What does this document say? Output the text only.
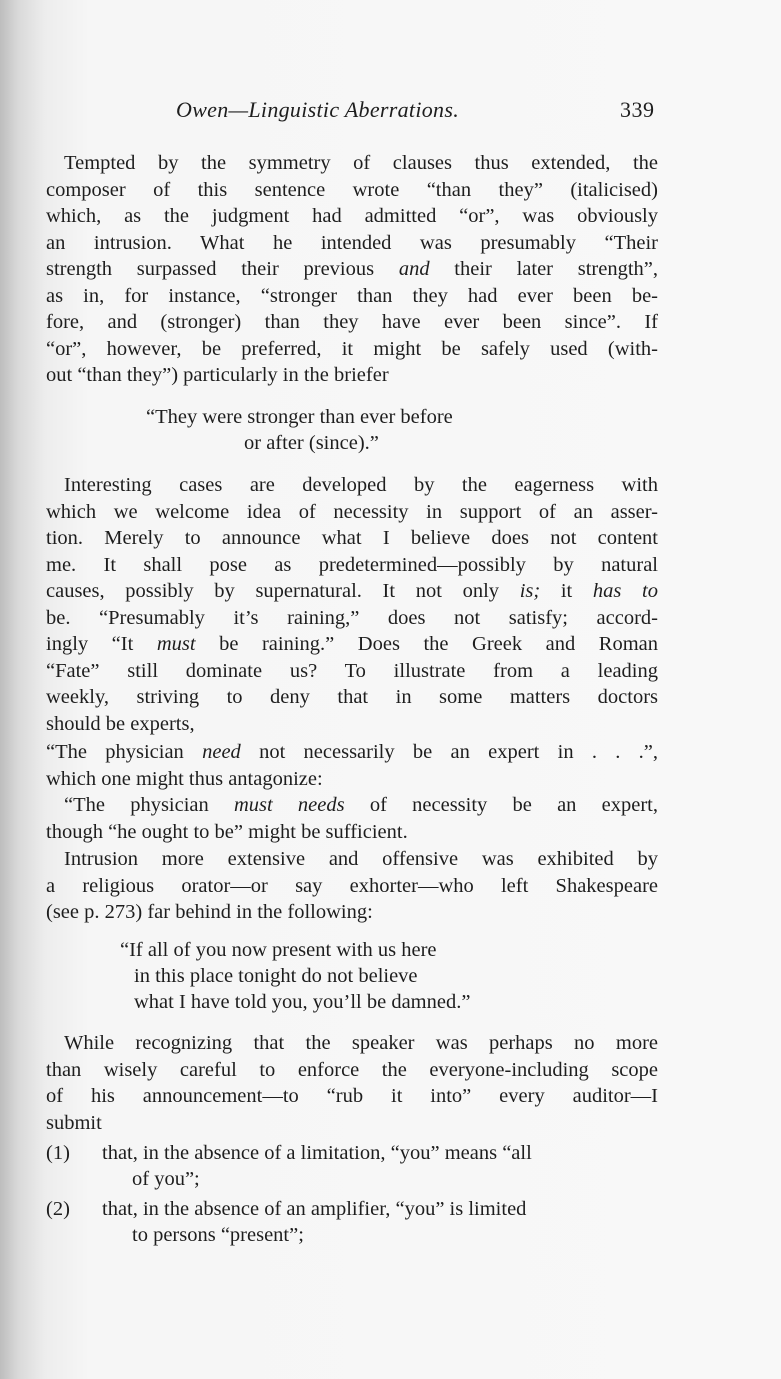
Owen—Linguistic Aberrations.	339
Tempted by the symmetry of clauses thus extended, the
composer of this sentence wrote “than they” (italicised)
which, as the judgment had admitted “or”, was obviously
an intrusion. What he intended was presumably “Their
strength surpassed their previous and their later strength”,
as in, for instance, “stronger than they had ever been be-
fore, and (stronger) than they have ever been since”. If
“or”, however, be preferred, it might be safely used (with-
out “than they”) particularly in the briefer
“They were stronger than ever before
or after (since).”
Interesting cases are developed by the eagerness with
which we welcome idea of necessity in support of an asser-
tion. Merely to announce what I believe does not content
me. It shall pose as predetermined—possibly by natural
causes, possibly by supernatural. It not only is; it has to
be. “Presumably it’s raining,” does not satisfy; accord-
ingly “It must be raining.” Does the Greek and Roman
“Fate” still dominate us? To illustrate from a leading
weekly, striving to deny that in some matters doctors
should be experts,
“The physician need not necessarily be an expert in . . .”,
which one might thus antagonize:
“The physician must needs of necessity be an expert,
though “he ought to be” might be sufficient.
Intrusion more extensive and offensive was exhibited by
a religious orator—or say exhorter—who left Shakespeare
(see p. 273) far behind in the following:
“If all of you now present with us here
in this place tonight do not believe
what I have told you, you’ll be damned.”
While recognizing that the speaker was perhaps no more
than wisely careful to enforce the everyone-including scope
of his announcement—to “rub it into” every auditor—I
submit
(1) that, in the absence of a limitation, “you” means “all
of you”;
(2) that, in the absence of an amplifier, “you” is limited
to persons “present”;
